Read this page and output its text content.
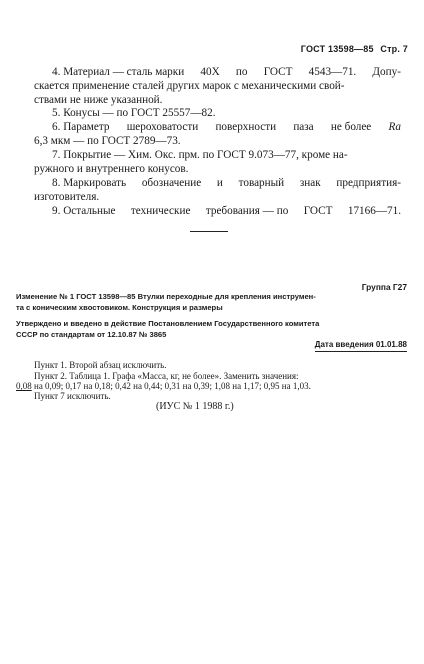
ГОСТ 13598—85 Стр. 7
4. Материал — сталь марки 40Х по ГОСТ 4543—71. Допу-
скается применение сталей других марок с механическими свой-
ствами не ниже указанной.
5. Конусы — по ГОСТ 25557—82.
6. Параметр шероховатости поверхности паза не более Ra
6,3 мкм — по ГОСТ 2789—73.
7. Покрытие — Хим. Окс. прм. по ГОСТ 9.073—77, кроме на-
ружного и внутреннего конусов.
8. Маркировать обозначение и товарный знак предприятия-
изготовителя.
9. Остальные технические требования — по ГОСТ 17166—71.
Группа Г27
Изменение № 1 ГОСТ 13598—85 Втулки переходные для крепления инструмен-
та с коническим хвостовиком. Конструкция и размеры
Утверждено и введено в действие Постановлением Государственного комитета
СССР по стандартам от 12.10.87 № 3865
Дата введения 01.01.88
Пункт 1. Второй абзац исключить.
Пункт 2. Таблица 1. Графа «Масса, кг, не более». Заменить значения:
0,08 на 0,09; 0,17 на 0,18; 0,42 на 0,44; 0,31 на 0,39; 1,08 на 1,17; 0,95 на 1,03.
Пункт 7 исключить.
(ИУС № 1 1988 г.)
